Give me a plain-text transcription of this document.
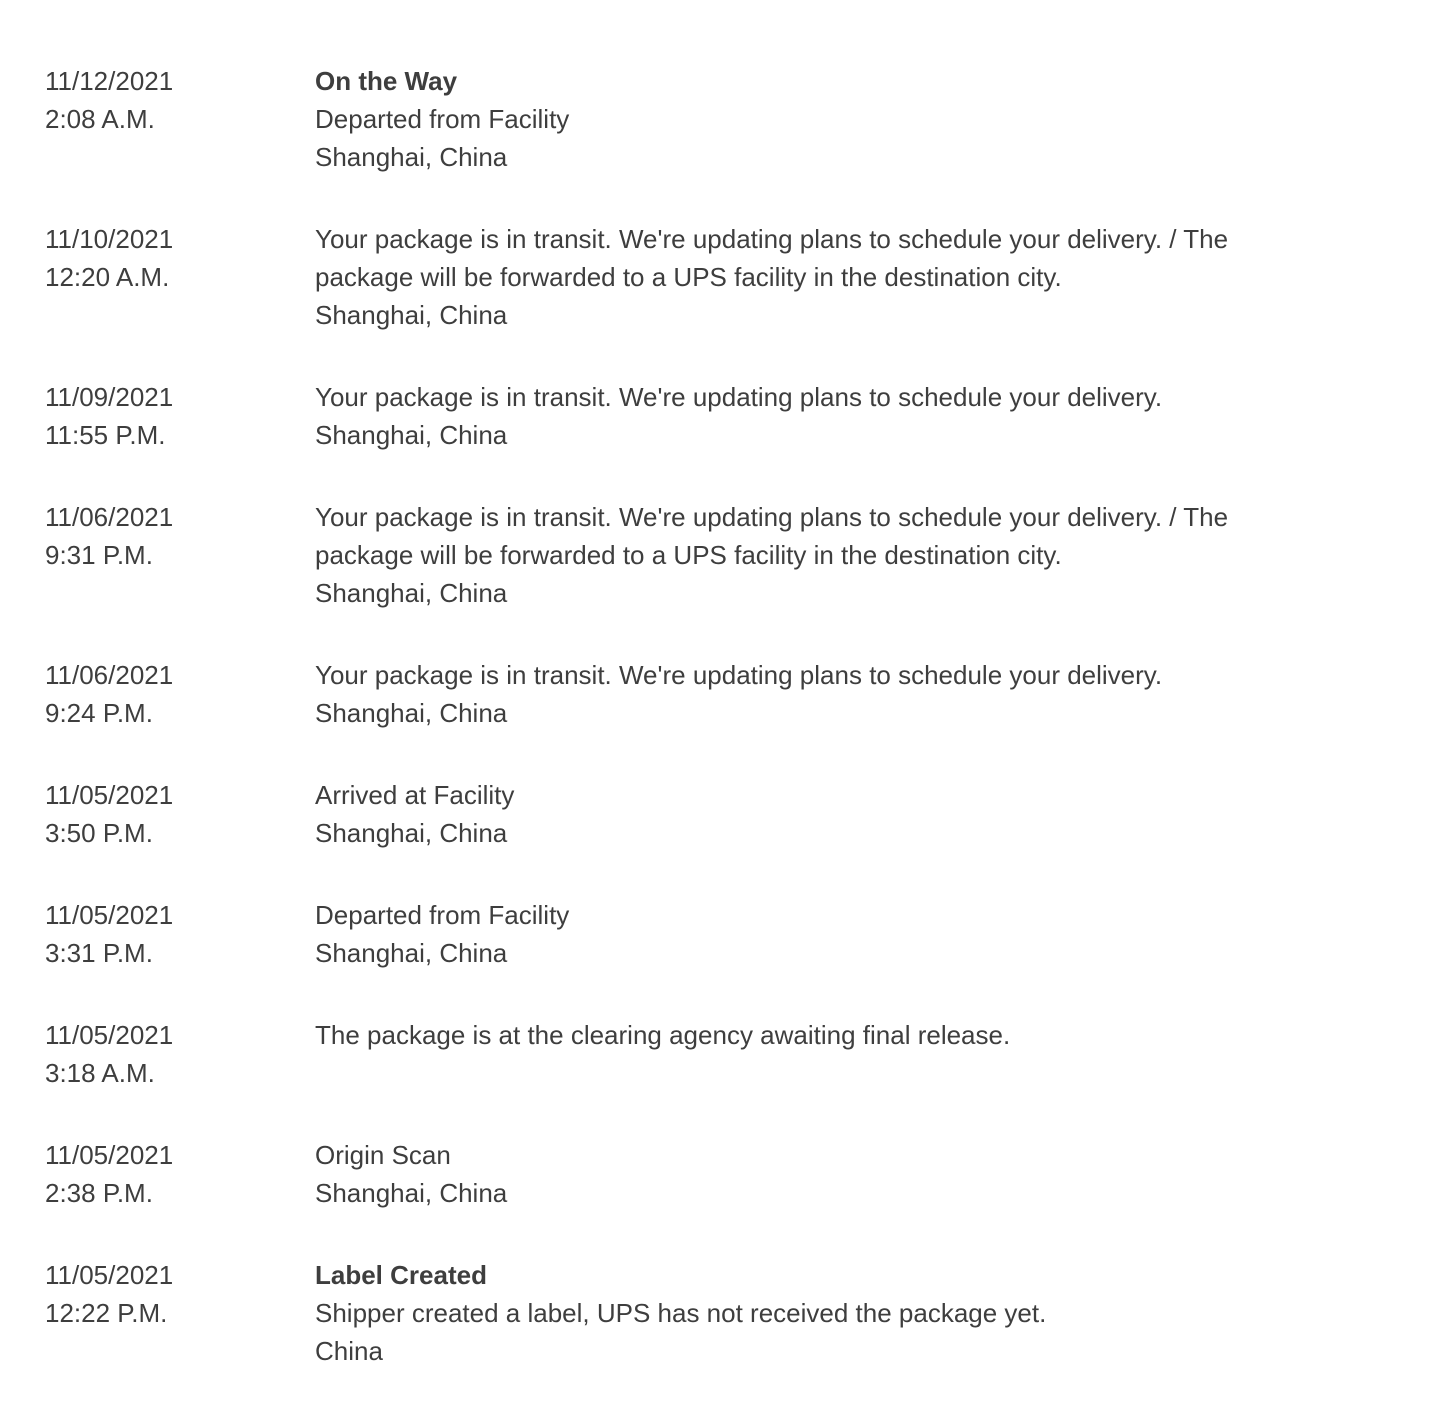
11/12/2021
2:08 A.M.
On the Way
Departed from Facility
Shanghai, China
11/10/2021
12:20 A.M.
Your package is in transit. We're updating plans to schedule your delivery. / The package will be forwarded to a UPS facility in the destination city.
Shanghai, China
11/09/2021
11:55 P.M.
Your package is in transit. We're updating plans to schedule your delivery.
Shanghai, China
11/06/2021
9:31 P.M.
Your package is in transit. We're updating plans to schedule your delivery. / The package will be forwarded to a UPS facility in the destination city.
Shanghai, China
11/06/2021
9:24 P.M.
Your package is in transit. We're updating plans to schedule your delivery.
Shanghai, China
11/05/2021
3:50 P.M.
Arrived at Facility
Shanghai, China
11/05/2021
3:31 P.M.
Departed from Facility
Shanghai, China
11/05/2021
3:18 A.M.
The package is at the clearing agency awaiting final release.
11/05/2021
2:38 P.M.
Origin Scan
Shanghai, China
11/05/2021
12:22 P.M.
Label Created
Shipper created a label, UPS has not received the package yet.
China
